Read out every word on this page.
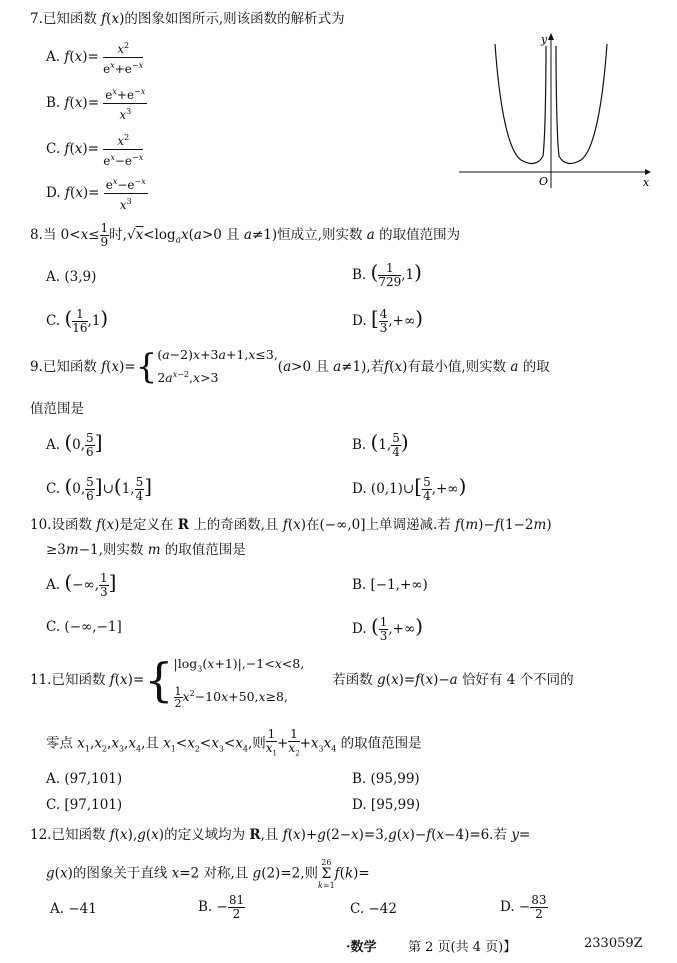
7.已知函数 f(x)的图象如图所示,则该函数的解析式为
A. $f(x)= \frac{x^2}{e^x+e^{-x}}$
B. $f(x)= \frac{e^x+e^{-x}}{x^3}$
C. $f(x)= \frac{x^2}{e^x-e^{-x}}$
D. $f(x)= \frac{e^x-e^{-x}}{x^3}$
y
x
O
8.当 $0<x\le \frac{1}{9}$ 时$,√x<\log_ax(a>0$ 且 a≠1)恒成立,则实数 a 的取值范围为
A. (3,9)	B. ( $\frac{1}{729} ,1$)
C. ( $\frac{1}{16} ,1$)	D. [ $\frac{4}{3}$ ,+∞)
9.已知函数 f(x)={(a−2)x+3a+1,x≤3,
$2a^{x-2},x>3(a>0$ 且 a≠1),若f(x)有最小值,则实数 a 的取
值范围是
A. (0, $\frac{5}{6}$ ]	B. (1, $\frac{5}{4}$ )
C. (0, $\frac{5}{6}$ ]∪(1, $\frac{5}{4}$ ]	D. (0,1)∪[ $\frac{5}{4}$ ,+∞)
10.设函数 f(x)是定义在 R 上的奇函数,且 f(x)在(−∞,0]上单调递减.若 f(m)−f(1−2m)
≥3m−1,则实数 m 的取值范围是
A. (−∞, $\frac{1}{3}$ ]	B. [−1,+∞)
C. (−∞,−1]	D. ( $\frac{1}{3}$ ,+∞)
11.已知函数 $f(x)=\{|\log_3(x+1)|,-1<x<8$,

$\frac{1}{2} x^2-10x+50,x\ge 8$,若函数 g(x)=f(x)−a 恰好有 4 个不同的
零点 $x_1,x_2,x_3,x_4$,且 $x_1<x_2<x_3<x_4$,则 $\frac{1}{x_1} + \frac{1}{x_2} +x_3x_4$ 的取值范围是
A. (97,101)	B. (95,99)
C. [97,101)	D. [95,99)
12.已知函数 f(x),g(x)的定义域均为 R,且 f(x)+g(2−x)=3,g(x)−f(x−4)=6.若 y=
g(x)的图象关于直线 x=2 对称,且 g(2)=2,则
26
Σ
k=1
f(k)=
A. −41	B. − $\frac{81}{2}$	C. −42	D. − $\frac{83}{2}$
·数学 第 2 页(共 4 页)】	233059Z
